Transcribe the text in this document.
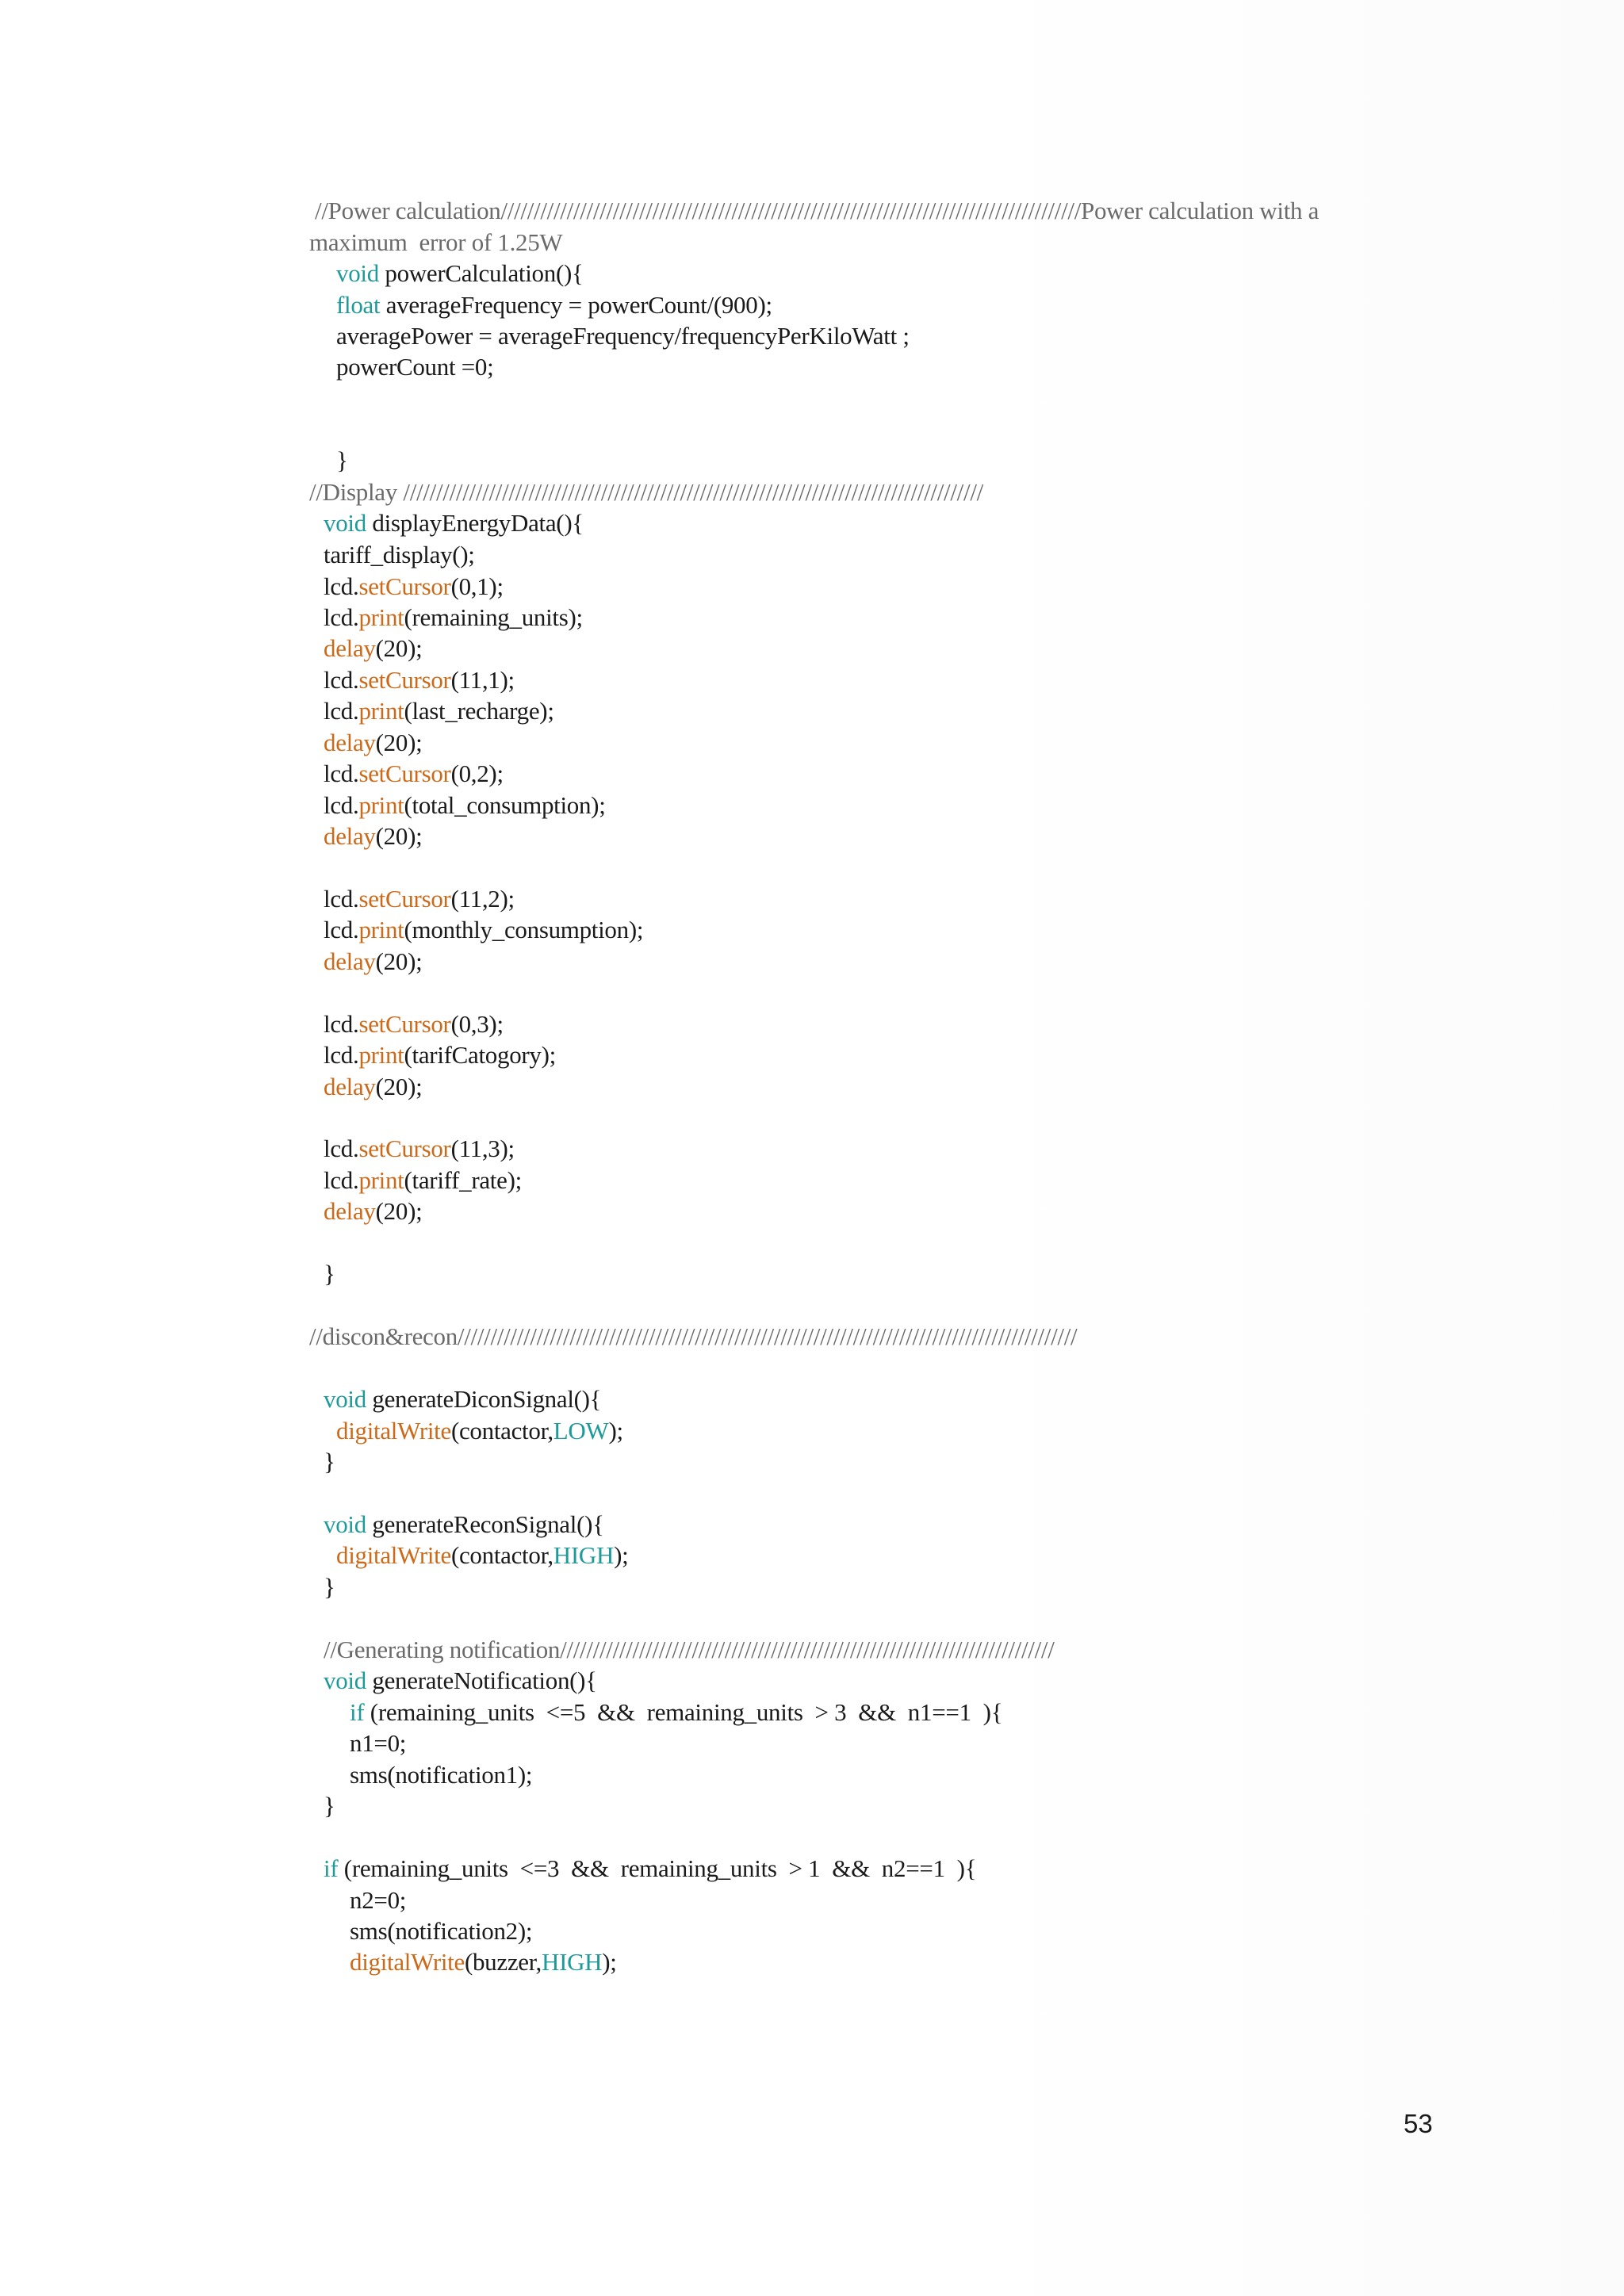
//Power calculation////////////////////////////////////////////////////////////////////////////////////////Power calculation with a
maximum  error of 1.25W
void powerCalculation(){
float averageFrequency = powerCount/(900);
averagePower = averageFrequency/frequencyPerKiloWatt ;
powerCount =0;
}
//Display ////////////////////////////////////////////////////////////////////////////////////////
void displayEnergyData(){
tariff_display();
lcd.setCursor(0,1);
lcd.print(remaining_units);
delay(20);
lcd.setCursor(11,1);
lcd.print(last_recharge);
delay(20);
lcd.setCursor(0,2);
lcd.print(total_consumption);
delay(20);
lcd.setCursor(11,2);
lcd.print(monthly_consumption);
delay(20);
lcd.setCursor(0,3);
lcd.print(tarifCatogory);
delay(20);
lcd.setCursor(11,3);
lcd.print(tariff_rate);
delay(20);
}
//discon&recon//////////////////////////////////////////////////////////////////////////////////////////////
void generateDiconSignal(){
digitalWrite(contactor,LOW);
}
void generateReconSignal(){
digitalWrite(contactor,HIGH);
}
//Generating notification///////////////////////////////////////////////////////////////////////////
void generateNotification(){
if (remaining_units  <=5  &&  remaining_units  > 3  &&  n1==1  ){
n1=0;
sms(notification1);
}
if (remaining_units  <=3  &&  remaining_units  > 1  &&  n2==1  ){
n2=0;
sms(notification2);
digitalWrite(buzzer,HIGH);
53
